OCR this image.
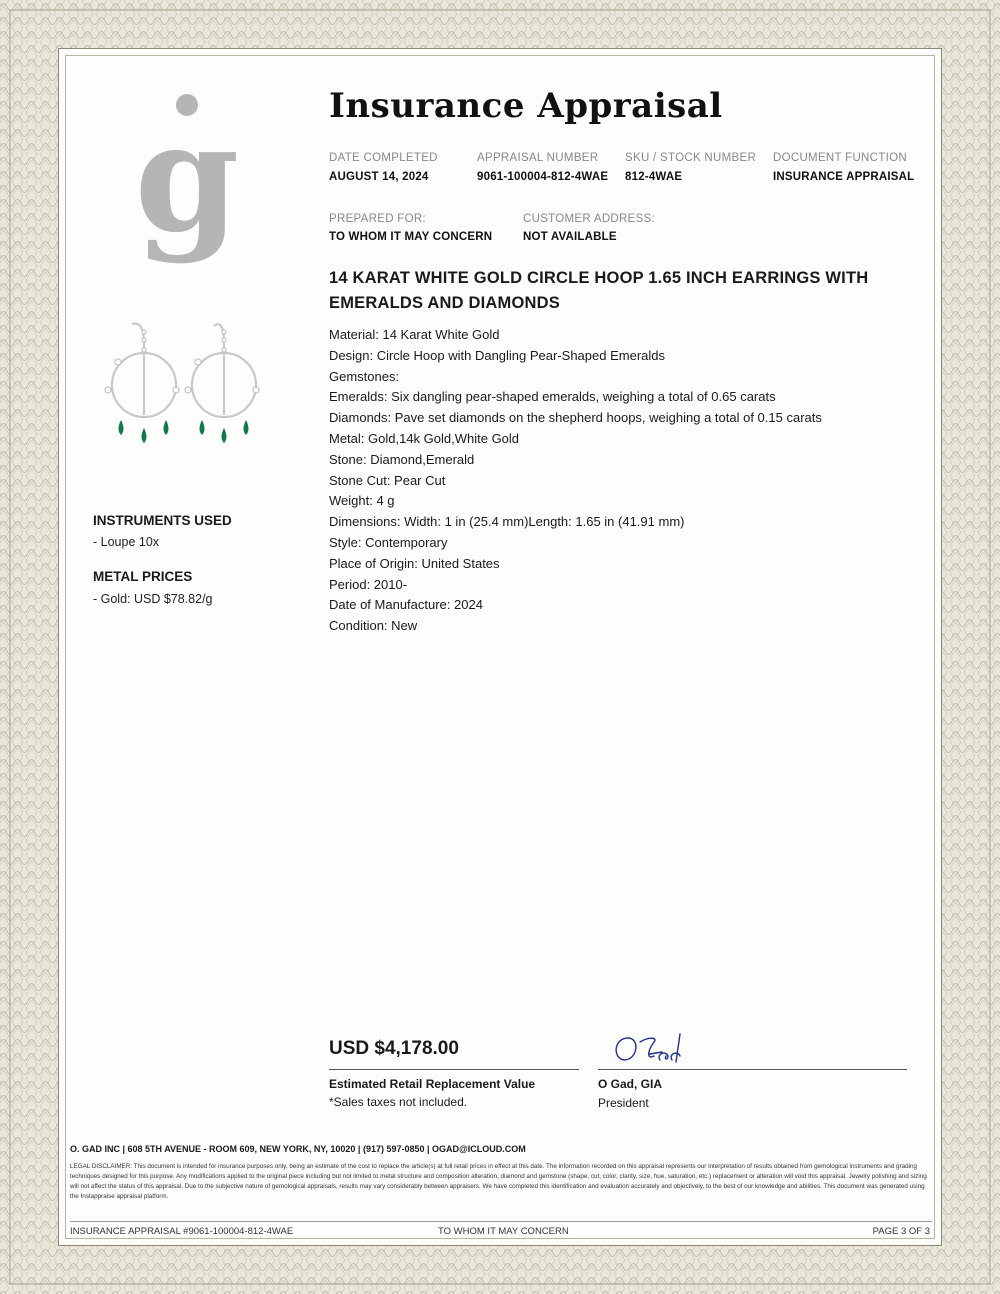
g	Insurance Appraisal
DATE COMPLETED
AUGUST 14, 2024
APPRAISAL NUMBER
9061-100004-812-4WAE
SKU / STOCK NUMBER
812-4WAE
DOCUMENT FUNCTION
INSURANCE APPRAISAL
PREPARED FOR:
TO WHOM IT MAY CONCERN
CUSTOMER ADDRESS:
NOT AVAILABLE
14 KARAT WHITE GOLD CIRCLE HOOP 1.65 INCH EARRINGS WITH EMERALDS AND DIAMONDS
Material: 14 Karat White Gold
Design: Circle Hoop with Dangling Pear-Shaped Emeralds
Gemstones:
Emeralds: Six dangling pear-shaped emeralds, weighing a total of 0.65 carats
Diamonds: Pave set diamonds on the shepherd hoops, weighing a total of 0.15 carats
Metal: Gold,14k Gold,White Gold
Stone: Diamond,Emerald
Stone Cut: Pear Cut
Weight: 4 g
Dimensions: Width: 1 in (25.4 mm)Length: 1.65 in (41.91 mm)
Style: Contemporary
Place of Origin: United States
Period: 2010-
Date of Manufacture: 2024
Condition: New
INSTRUMENTS USED
- Loupe 10x
METAL PRICES
- Gold: USD $78.82/g
USD $4,178.00
Estimated Retail Replacement Value
*Sales taxes not included.
O Gad, GIA
President
O. GAD INC | 608 5TH AVENUE - ROOM 609, NEW YORK, NY, 10020 | (917) 597-0850 | OGAD@ICLOUD.COM
LEGAL DISCLAIMER: This document is intended for insurance purposes only, being an estimate of the cost to replace the article(s) at full retail prices in effect at this date. The information recorded on this appraisal represents our interpretation of results obtained from gemological instruments and grading techniques designed for this purpose. Any modifications applied to the original piece including but not limited to metal structure and composition alteration, diamond and gemstone (shape, cut, color, clarity, size, hue, saturation, etc.) replacement or alteration will void this appraisal. Jewelry polishing and sizing will not affect the status of this appraisal. Due to the subjective nature of gemological appraisals, results may vary considerably between appraisers. We have completed this identification and evaluation accurately and objectively, to the best of our knowledge and abilities. This document was generated using the Instappraise appraisal platform.
INSURANCE APPRAISAL #9061-100004-812-4WAE	TO WHOM IT MAY CONCERN	PAGE 3 OF 3
